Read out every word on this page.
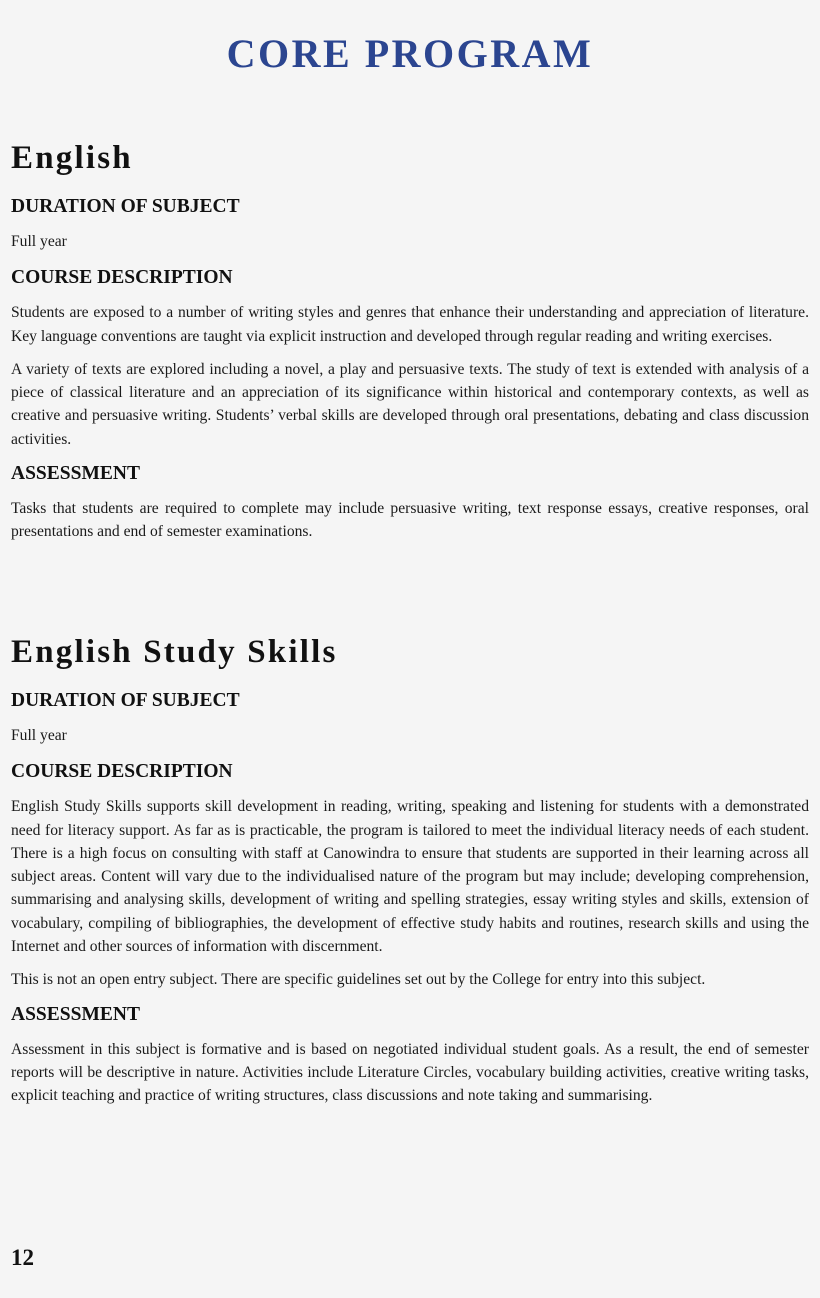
CORE PROGRAM
English
DURATION OF SUBJECT

Full year

COURSE DESCRIPTION

Students are exposed to a number of writing styles and genres that enhance their understanding and appreciation of literature. Key language conventions are taught via explicit instruction and developed through regular reading and writing exercises.

A variety of texts are explored including a novel, a play and persuasive texts. The study of text is extended with analysis of a piece of classical literature and an appreciation of its significance within historical and contemporary contexts, as well as creative and persuasive writing. Students’ verbal skills are developed through oral presentations, debating and class discussion activities.

ASSESSMENT

Tasks that students are required to complete may include persuasive writing, text response essays, creative responses, oral presentations and end of semester examinations.

English Study Skills
DURATION OF SUBJECT

Full year

COURSE DESCRIPTION

English Study Skills supports skill development in reading, writing, speaking and listening for students with a demonstrated need for literacy support. As far as is practicable, the program is tailored to meet the individual literacy needs of each student. There is a high focus on consulting with staff at Canowindra to ensure that students are supported in their learning across all subject areas. Content will vary due to the individualised nature of the program but may include; developing comprehension, summarising and analysing skills, development of writing and spelling strategies, essay writing styles and skills, extension of vocabulary, compiling of bibliographies, the development of effective study habits and routines, research skills and using the Internet and other sources of information with discernment.

This is not an open entry subject. There are specific guidelines set out by the College for entry into this subject.

ASSESSMENT

Assessment in this subject is formative and is based on negotiated individual student goals. As a result, the end of semester reports will be descriptive in nature. Activities include Literature Circles, vocabulary building activities, creative writing tasks, explicit teaching and practice of writing structures, class discussions and note taking and summarising.

12
